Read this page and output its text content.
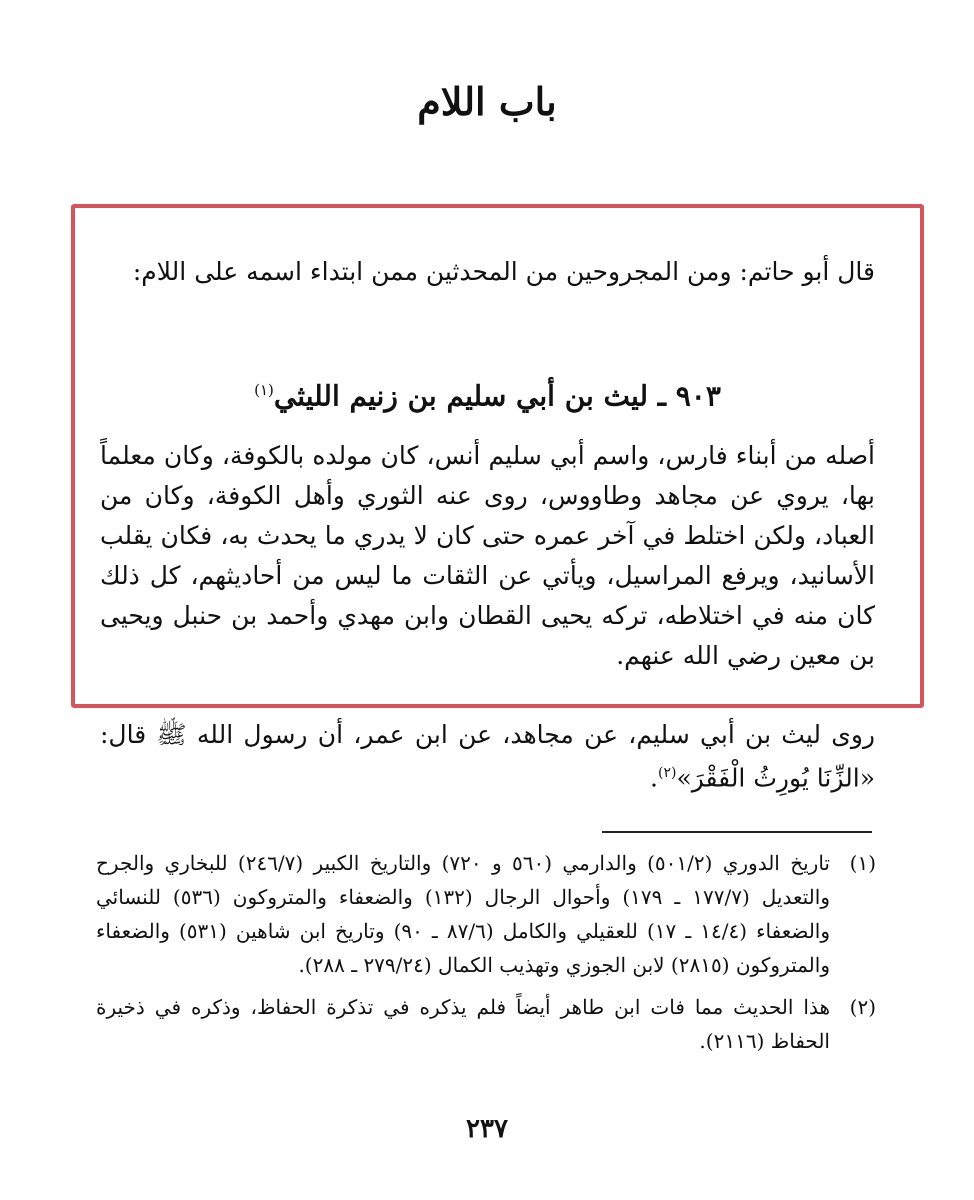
باب اللام
قال أبو حاتم: ومن المجروحين من المحدثين ممن ابتداء اسمه على اللام:
٩٠٣ ـ ليث بن أبي سليم بن زنيم الليثي$^{(١)}$
أصله من أبناء فارس، واسم أبي سليم أنس، كان مولده بالكوفة، وكان معلماً بها، يروي عن مجاهد وطاووس، روى عنه الثوري وأهل الكوفة، وكان من العباد، ولكن اختلط في آخر عمره حتى كان لا يدري ما يحدث به، فكان يقلب الأسانيد، ويرفع المراسيل، ويأتي عن الثقات ما ليس من أحاديثهم، كل ذلك كان منه في اختلاطه، تركه يحيى القطان وابن مهدي وأحمد بن حنبل ويحيى بن معين رضي الله عنهم.
روى ليث بن أبي سليم، عن مجاهد، عن ابن عمر، أن رسول الله ﷺ قال: «الزِّنَا يُورِثُ الْفَقْرَ»$^{(٢)}$.
(١)
تاريخ الدوري (٥٠١/٢) والدارمي (٥٦٠ و ٧٢٠) والتاريخ الكبير (٢٤٦/٧) للبخاري والجرح والتعديل (١٧٧/٧ ـ ١٧٩) وأحوال الرجال (١٣٢) والضعفاء والمتروكون (٥٣٦) للنسائي والضعفاء (١٤/٤ ـ ١٧) للعقيلي والكامل (٨٧/٦ ـ ٩٠) وتاريخ ابن شاهين (٥٣١) والضعفاء والمتروكون (٢٨١٥) لابن الجوزي وتهذيب الكمال (٢٧٩/٢٤ ـ ٢٨٨).
(٢)
هذا الحديث مما فات ابن طاهر أيضاً فلم يذكره في تذكرة الحفاظ، وذكره في ذخيرة الحفاظ (٢١١٦).
٢٣٧
